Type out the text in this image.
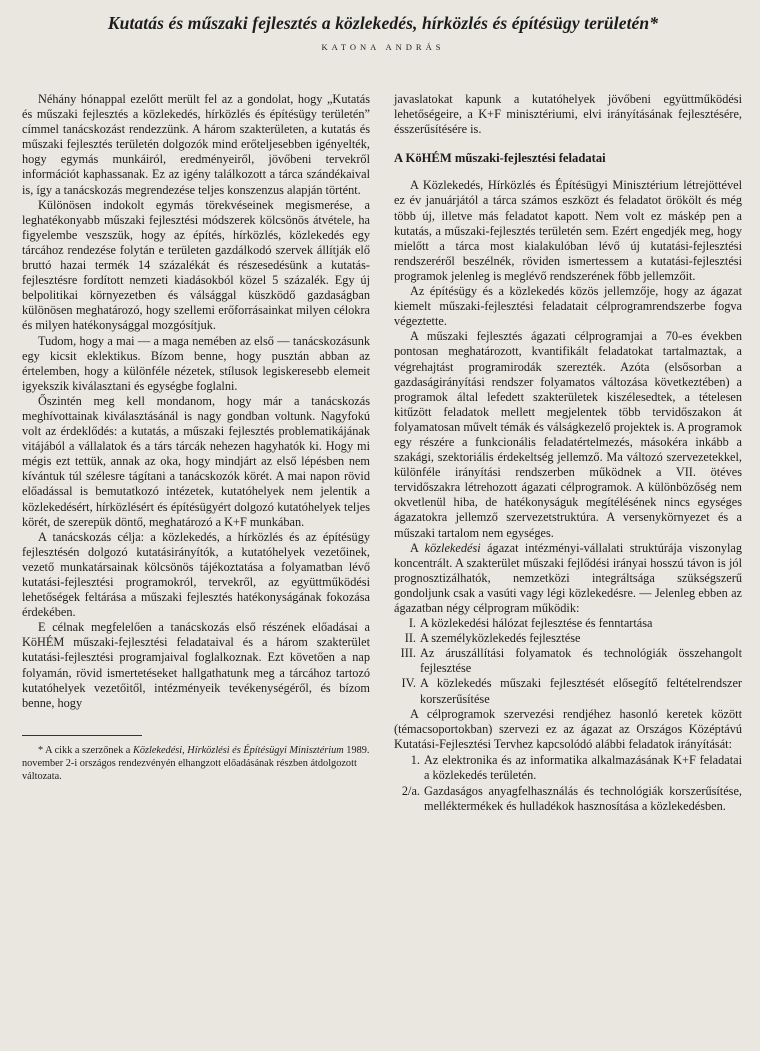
Kutatás és műszaki fejlesztés a közlekedés, hírközlés és építésügy területén*
KATONA ANDRÁS

Néhány hónappal ezelőtt merült fel az a gondolat, hogy „Kutatás és műszaki fejlesztés a közlekedés, hírközlés és építésügy területén” címmel tanácskozást rendezzünk. A három szakterületen, a kutatás és műszaki fejlesztés területén dolgozók mind erőteljesebben igényelték, hogy egymás munkáiról, eredményeiről, jövőbeni tervekről információt kaphassanak. Ez az igény találkozott a tárca szándékaival is, így a tanácskozás megrendezése teljes konszenzus alapján történt.

Különösen indokolt egymás törekvéseinek megismerése, a leghatékonyabb műszaki fejlesztési módszerek kölcsönös átvétele, ha figyelembe veszszük, hogy az építés, hírközlés, közlekedés egy tárcához rendezése folytán e területen gazdálkodó szervek állítják elő bruttó hazai termék 14 százalékát és részesedésünk a kutatás-fejlesztésre fordított nemzeti kiadásokból közel 5 százalék. Egy új belpolitikai környezetben és válsággal küszködő gazdaságban különösen meghatározó, hogy szellemi erőforrásainkat milyen célokra és milyen hatékonysággal mozgósítjuk.

Tudom, hogy a mai — a maga nemében az első — tanácskozásunk egy kicsit eklektikus. Bízom benne, hogy pusztán abban az értelemben, hogy a különféle nézetek, stílusok legiskeresebb elemeit igyekszik kiválasztani és egységbe foglalni.

Őszintén meg kell mondanom, hogy már a tanácskozás meghívottainak kiválasztásánál is nagy gondban voltunk. Nagyfokú volt az érdeklődés: a kutatás, a műszaki fejlesztés problematikájának vitájából a vállalatok és a társ tárcák nehezen hagyhatók ki. Hogy mi mégis ezt tettük, annak az oka, hogy mindjárt az első lépésben nem kívántuk túl szélesre tágítani a tanácskozók körét. A mai napon rövid előadással is bemutatkozó intézetek, kutatóhelyek nem jelentik a közlekedésért, hírközlésért és építésügyért dolgozó kutatóhelyek teljes körét, de szerepük döntő, meghatározó a K+F munkában.

A tanácskozás célja: a közlekedés, a hírközlés és az építésügy fejlesztésén dolgozó kutatásirányítók, a kutatóhelyek vezetőinek, vezető munkatársainak kölcsönös tájékoztatása a folyamatban lévő kutatási-fejlesztési programokról, tervekről, az együttműködési lehetőségek feltárása a műszaki fejlesztés hatékonyságának fokozása érdekében.

E célnak megfelelően a tanácskozás első részének előadásai a KöHÉM műszaki-fejlesztési feladataival és a három szakterület kutatási-fejlesztési programjaival foglalkoznak. Ezt követően a nap folyamán, rövid ismertetéseket hallgathatunk meg a tárcához tartozó kutatóhelyek vezetőitől, intézményeik tevékenységéről, és bízom benne, hogy

* A cikk a szerzőnek a Közlekedési, Hírközlési és Építésügyi Minisztérium 1989. november 2-i országos rendezvényén elhangzott előadásának részben átdolgozott változata.

javaslatokat kapunk a kutatóhelyek jövőbeni együttműködési lehetőségeire, a K+F minisztériumi, elvi irányításának fejlesztésére, ésszerűsítésére is.

A KöHÉM műszaki-fejlesztési feladatai

A Közlekedés, Hírközlés és Építésügyi Minisztérium létrejöttével ez év januárjától a tárca számos eszközt és feladatot örökölt és még több új, illetve más feladatot kapott. Nem volt ez máskép pen a kutatás, a műszaki-fejlesztés területén sem. Ezért engedjék meg, hogy mielőtt a tárca most kialakulóban lévő új kutatási-fejlesztési rendszeréről beszélnék, röviden ismertessem a kutatási-fejlesztési programok jelenleg is meglévő rendszerének főbb jellemzőit.

Az építésügy és a közlekedés közös jellemzője, hogy az ágazat kiemelt műszaki-fejlesztési feladatait célprogramrendszerbe fogva végeztette.

A műszaki fejlesztés ágazati célprogramjai a 70-es években pontosan meghatározott, kvantifikált feladatokat tartalmaztak, a végrehajtást programirodák szerezték. Azóta (elsősorban a gazdaságirányítási rendszer folyamatos változása következtében) a programok által lefedett szakterületek kiszélesedtek, a tételesen kitűzött feladatok mellett megjelentek több tervidőszakon át folyamatosan művelt témák és válságkezelő projektek is. A programok egy részére a funkcionális feladatértelmezés, másokéra inkább a szakági, szektoriális érdekeltség jellemző. Ma változó szervezetekkel, különféle irányítási rendszerben működnek a VII. ötéves tervidőszakra létrehozott ágazati célprogramok. A különbözőség nem okvetlenül hiba, de hatékonyságuk megítélésének nincs egységes ágazatokra jellemző szervezetstruktúra. A versenykörnyezet és a műszaki tartalom nem egységes.

A közlekedési ágazat intézményi-vállalati struktúrája viszonylag koncentrált. A szakterület műszaki fejlődési irányai hosszú távon is jól prognosztizálhatók, nemzetközi integráltsága szükségszerű gondoljunk csak a vasúti vagy légi közlekedésre. — Jelenleg ebben az ágazatban négy célprogram működik:

I. A közlekedési hálózat fejlesztése és fenntartása
II. A személyközlekedés fejlesztése
III. Az áruszállítási folyamatok és technológiák összehangolt fejlesztése
IV. A közlekedés műszaki fejlesztését elősegítő feltételrendszer korszerűsítése

A célprogramok szervezési rendjéhez hasonló keretek között (témacsoportokban) szervezi ez az ágazat az Országos Középtávú Kutatási-Fejlesztési Tervhez kapcsolódó alábbi feladatok irányítását:

1. Az elektronika és az informatika alkalmazásának K+F feladatai a közlekedés területén.
2/a. Gazdaságos anyagfelhasználás és technológiák korszerűsítése, melléktermékek és hulladékok hasznosítása a közlekedésben.
